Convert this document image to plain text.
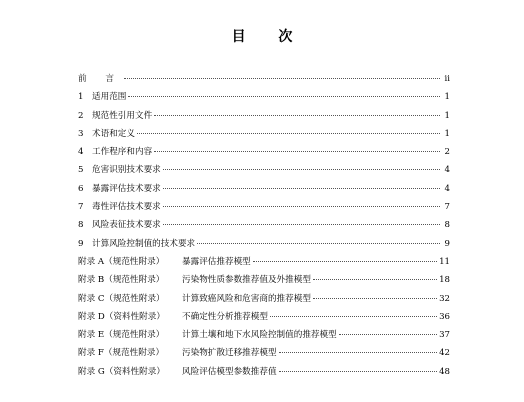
目 次
前 言	ii
1 适用范围	1
2 规范性引用文件	1
3 术语和定义	1
4 工作程序和内容	2
5 危害识别技术要求	4
6 暴露评估技术要求	4
7 毒性评估技术要求	7
8 风险表征技术要求	8
9 计算风险控制值的技术要求	9
附录 A（规范性附录）	暴露评估推荐模型	11
附录 B（规范性附录）	污染物性质参数推荐值及外推模型	18
附录 C（规范性附录）	计算致癌风险和危害商的推荐模型	32
附录 D（资料性附录）	不确定性分析推荐模型	36
附录 E（规范性附录）	计算土壤和地下水风险控制值的推荐模型	37
附录 F（规范性附录）	污染物扩散迁移推荐模型	42
附录 G（资料性附录）	风险评估模型参数推荐值	48
